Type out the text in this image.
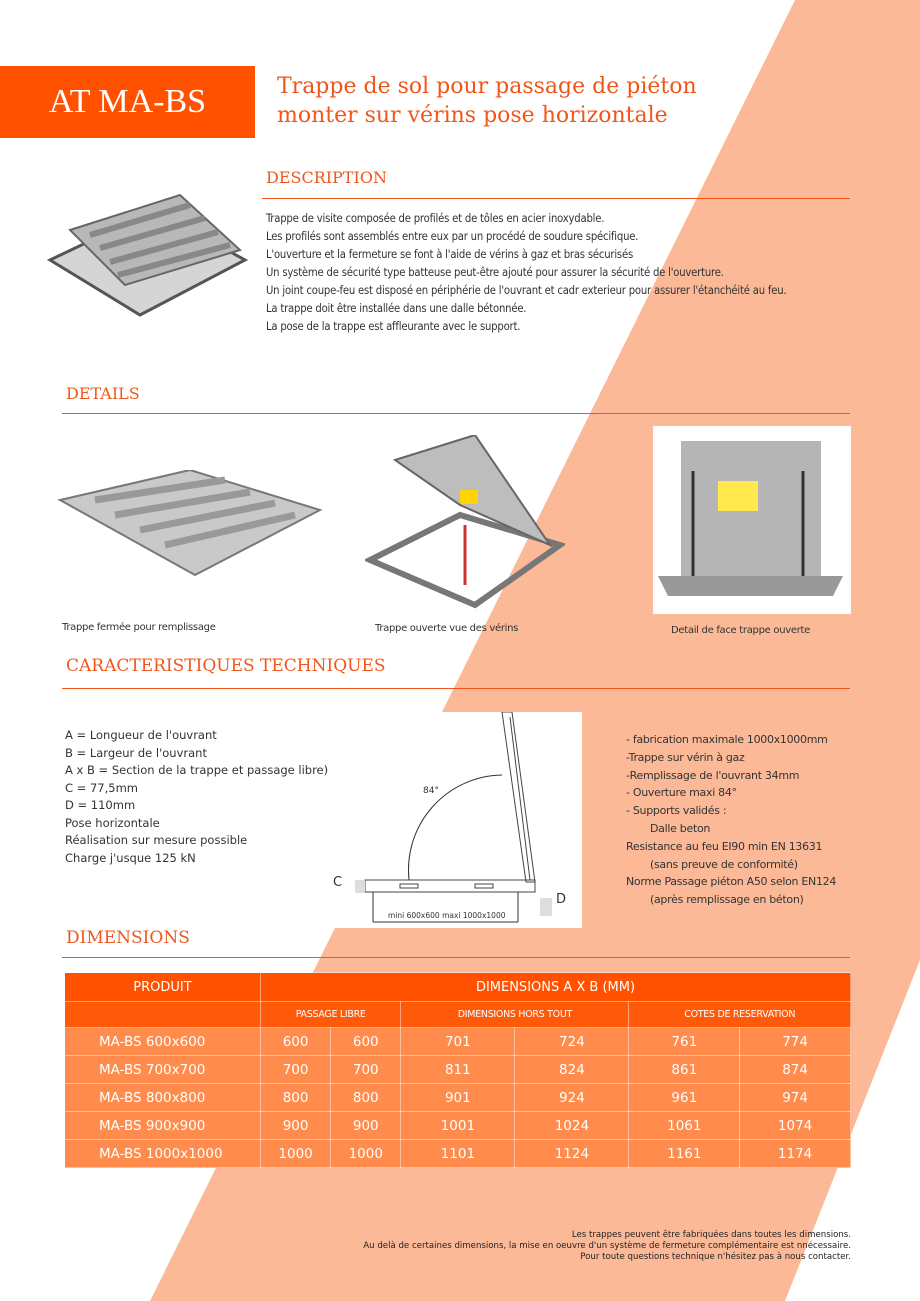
AT MA-BS	Trappe de sol pour passage de piéton
monter sur vérins pose horizontale
DESCRIPTION
Trappe de visite composée de profilés et de tôles en acier inoxydable.
Les profilés sont assemblés entre eux par un procédé de soudure spécifique.
L'ouverture et la fermeture se font à l'aide de vérins à gaz et bras sécurisés
Un système de sécurité type batteuse peut-être ajouté pour assurer la sécurité de l'ouverture.
Un joint coupe-feu est disposé en périphérie de l'ouvrant et cadr exterieur pour assurer l'étanchéité au feu.
La trappe doit être installée dans une dalle bétonnée.
La pose de la trappe est affleurante avec le support.
DETAILS
Trappe fermée pour remplissage	Trappe ouverte vue des vérins	Detail de face trappe ouverte
CARACTERISTIQUES TECHNIQUES
A = Longueur de l'ouvrant
B = Largeur de l'ouvrant
A x B = Section de la trappe et passage libre)
C = 77,5mm
D = 110mm
Pose horizontale
Réalisation sur mesure possible
Charge j'usque 125 kN
84°
C
D
mini 600x600 maxi 1000x1000
- fabrication maximale 1000x1000mm
-Trappe sur vérin à gaz
-Remplissage de l'ouvrant 34mm
- Ouverture maxi 84°
- Supports validés :
Dalle beton
Resistance au feu EI90 min EN 13631
(sans preuve de conformité)
Norme Passage piéton A50 selon EN124
(après remplissage en béton)
DIMENSIONS
PRODUIT	DIMENSIONS A X B (MM)					
	PASSAGE LIBRE		DIMENSIONS HORS TOUT		COTES DE RESERVATION	
MA-BS 600x600	600	600	701	724	761	774
MA-BS 700x700	700	700	811	824	861	874
MA-BS 800x800	800	800	901	924	961	974
MA-BS 900x900	900	900	1001	1024	1061	1074
MA-BS 1000x1000	1000	1000	1101	1124	1161	1174
Les trappes peuvent être fabriquées dans toutes les dimensions.
Au delà de certaines dimensions, la mise en oeuvre d'un système de fermeture complémentaire est nnécessaire.
Pour toute questions technique n'hésitez pas à nous contacter.
